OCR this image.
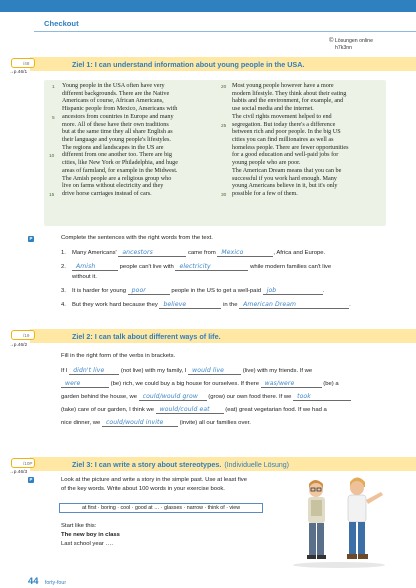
Checkout
© Lösungen online
h7k3nn
Ziel 1: I can understand information about young people in the USA.
/48
→p.46/1
1
5
10
15
20
25
30
Young people in the USA often have very
different backgrounds. There are the Native
Americans of course, African Americans,
Hispanic people from Mexico, Americans with
ancestors from countries in Europe and many
more. All of these have their own traditions
but at the same time they all share English as
their language and young people's lifestyles.
The regions and landscapes in the US are
different from one another too. There are big
cities, like New York or Philadelphia, and huge
areas of farmland, for example in the Midwest.
The Amish people are a religious group who
live on farms without electricity and they
drive horse carriages instead of cars.
Most young people however have a more
modern lifestyle. They think about their eating
habits and the environment, for example, and
use social media and the internet.
The civil rights movement helped to end
segregation. But today there's a difference
between rich and poor people. In the big US
cities you can find millionaires as well as
homeless people. There are fewer opportunities
for a good education and well-paid jobs for
young people who are poor.
The American Dream means that you can be
successful if you work hard enough. Many
young Americans believe in it, but it's only
possible for a few of them.
P	Complete the sentences with the right words from the text.
1. Many Americans' ancestors	came from Mexico	, Africa and Europe.
2. Amish	people can't live with electricity	while modern families can't live
without it.
3. It is harder for young poor	people in the US to get a well-paid job	.
4. But they work hard because they believe	in the American Dream	.
Ziel 2: I can talk about different ways of life.
/19
→p.46/2
Fill in the right form of the verbs in brackets.
If I didn't live	(not live) with my family, I would live	(live) with my friends. If we
were	(be) rich, we could buy a big house for ourselves. If there was/were	(be) a
garden behind the house, we could/would grow (grow) our own food there. If we took
(take) care of our garden, I think we would/could eat	(eat) great vegetarian food. If we had a
nice dinner, we could/would invite	(invite) all our families over.
Ziel 3: I can write a story about stereotypes. (Individuelle Lösung)
/10P
→p.46/3
P	Look at the picture and write a story in the simple past. Use at least five
of the key words. Write about 100 words in your exercise book.
at first · boring · cool · good at … · glasses · narrow · think of · view
Start like this:
The new boy in class
Last school year ….
44 forty-four
